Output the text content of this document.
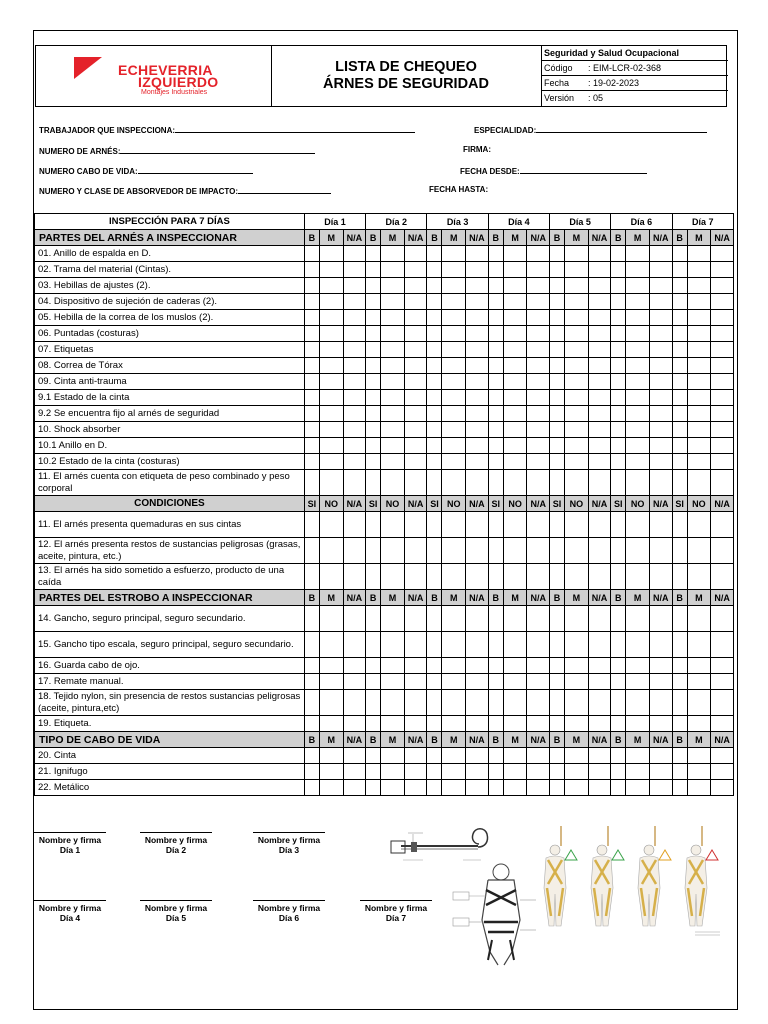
ECHEVERRIA
IZQUIERDO
Montajes Industriales
LISTA DE CHEQUEO
ÁRNES DE SEGURIDAD
Seguridad y Salud Ocupacional
Código : EIM-LCR-02-368
Fecha : 19-02-2023
Versión : 05
TRABAJADOR QUE INSPECCIONA:	ESPECIALIDAD:
NUMERO DE ARNÉS:	FIRMA:
NUMERO CABO DE VIDA:	FECHA DESDE:
NUMERO Y CLASE DE ABSORVEDOR DE IMPACTO:	FECHA HASTA:
INSPECCIÓN PARA 7 DÍAS	Día 1			Día 2			Día 3			Día 4			Día 5			Día 6			Día 7		
PARTES DEL ARNÉS A INSPECCIONAR	B	M	N/A	B	M	N/A	B	M	N/A	B	M	N/A	B	M	N/A	B	M	N/A	B	M	N/A
01. Anillo de espalda en D.																					
02. Trama del material (Cintas).																					
03. Hebillas de ajustes (2).																					
04. Dispositivo de sujeción de caderas (2).																					
05. Hebilla de la correa de los muslos (2).																					
06. Puntadas (costuras)																					
07. Etiquetas																					
08. Correa de Tórax																					
09. Cinta anti-trauma																					
9.1 Estado de la cinta																					
9.2 Se encuentra fijo al arnés de seguridad																					
10. Shock absorber																					
10.1 Anillo en D.																					
10.2 Estado de la cinta (costuras)																					
11. El arnés cuenta con etiqueta de peso combinado y peso corporal																					
CONDICIONES	SI	NO	N/A	SI	NO	N/A	SI	NO	N/A	SI	NO	N/A	SI	NO	N/A	SI	NO	N/A	SI	NO	N/A
11. El arnés presenta quemaduras en sus cintas																					
12. El arnés presenta restos de sustancias peligrosas (grasas, aceite, pintura, etc.)																					
13. El arnés ha sido sometido a esfuerzo, producto de una caída																					
PARTES DEL ESTROBO A INSPECCIONAR	B	M	N/A	B	M	N/A	B	M	N/A	B	M	N/A	B	M	N/A	B	M	N/A	B	M	N/A
14. Gancho, seguro principal, seguro secundario.																					
15. Gancho tipo escala, seguro principal, seguro secundario.																					
16. Guarda cabo de ojo.																					
17. Remate manual.																					
18. Tejido nylon, sin presencia de restos sustancias peligrosas (aceite, pintura,etc)																					
19. Etiqueta.																					
TIPO DE CABO DE VIDA	B	M	N/A	B	M	N/A	B	M	N/A	B	M	N/A	B	M	N/A	B	M	N/A	B	M	N/A
20. Cinta																					
21. Ignifugo																					
22. Metálico																					
Nombre y firma
Día 1
Nombre y firma
Día 2
Nombre y firma
Día 3
Nombre y firma
Día 4
Nombre y firma
Día 5
Nombre y firma
Día 6
Nombre y firma
Día 7
